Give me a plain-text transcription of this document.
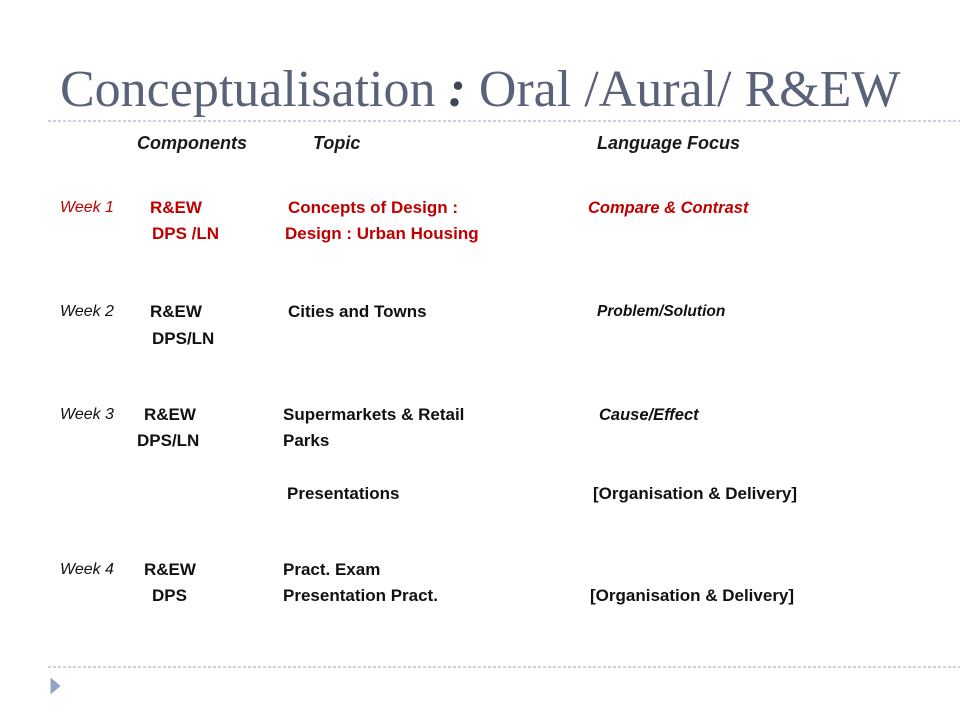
Conceptualisation : Oral /Aural/ R&EW
Components	Topic	Language Focus
Week 1 R&EW	Concepts of Design :	Compare & Contrast
DPS /LN	Design : Urban Housing
Week 2 R&EW	Cities and Towns	Problem/Solution
DPS/LN
Week 3 R&EW	Supermarkets & Retail	Cause/Effect
DPS/LN	Parks
Presentations	[Organisation & Delivery]
Week 4 R&EW	Pract. Exam
DPS	Presentation Pract.	[Organisation & Delivery]
